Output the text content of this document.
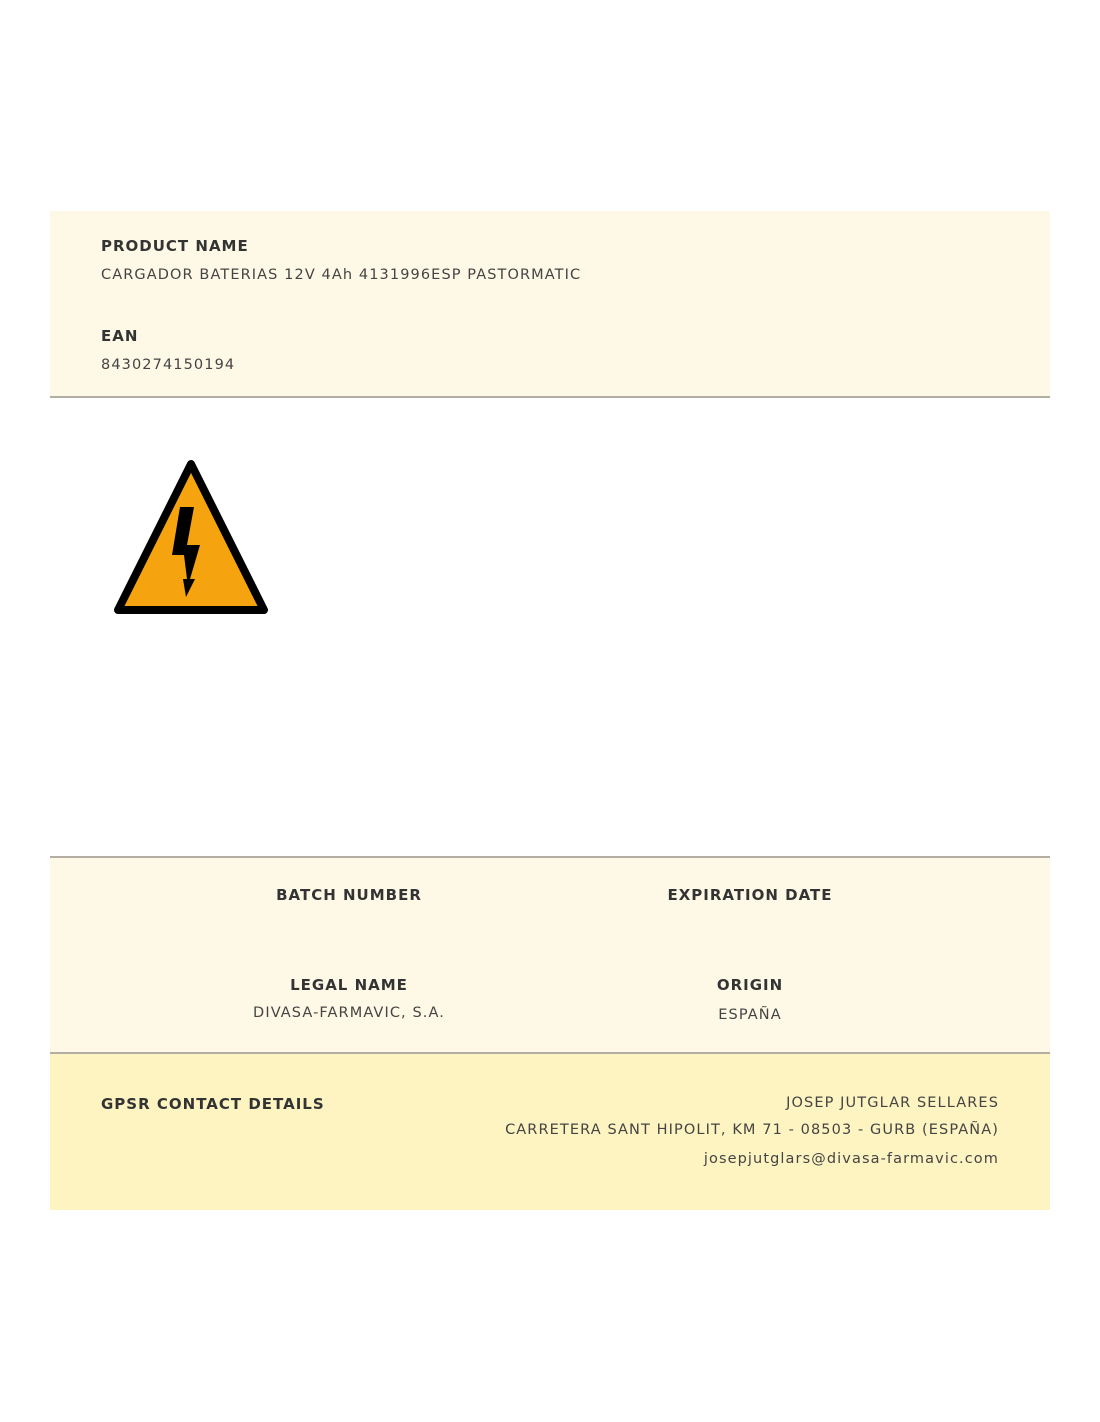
PRODUCT NAME
CARGADOR BATERIAS 12V 4Ah 4131996ESP PASTORMATIC
EAN
8430274150194
BATCH NUMBER	EXPIRATION DATE
LEGAL NAME
DIVASA-FARMAVIC, S.A.
ORIGIN
ESPAÑA
GPSR CONTACT DETAILS	JOSEP JUTGLAR SELLARES
CARRETERA SANT HIPOLIT, KM 71 - 08503 - GURB (ESPAÑA)
josepjutglars@divasa-farmavic.com
